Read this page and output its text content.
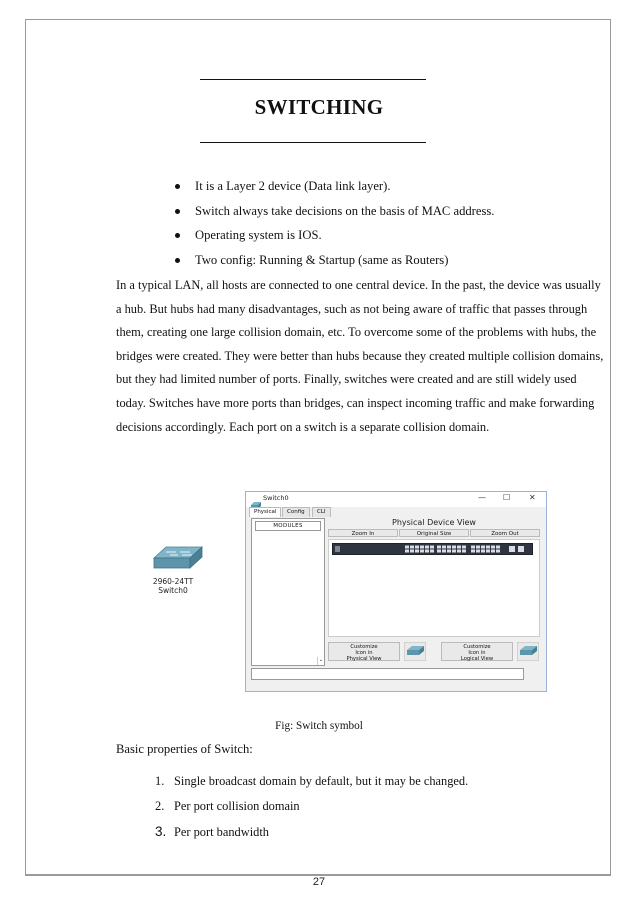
SWITCHING
It is a Layer 2 device (Data link layer).
Switch always take decisions on the basis of MAC address.
Operating system is IOS.
Two config: Running & Startup (same as Routers)

In a typical LAN, all hosts are connected to one central device. In the past, the device was usually a hub. But hubs had many disadvantages, such as not being aware of traffic that passes through them, creating one large collision domain, etc. To overcome some of the problems with hubs, the bridges were created. They were better than hubs because they created multiple collision domains, but they had limited number of ports. Finally, switches were created and are still widely used today. Switches have more ports than bridges, can inspect incoming traffic and make forwarding decisions accordingly. Each port on a switch is a separate collision domain.

2960-24TT
Switch0
Switch0	— ☐ ✕
Physical	Config	CLI
MODULES
⌄
Physical Device View
Zoom In	Original Size	Zoom Out
Customize
Icon in
Physical View
Customize
Icon in
Logical View
Fig: Switch symbol
Basic properties of Switch:
1. Single broadcast domain by default, but it may be changed.
2. Per port collision domain
3. Per port bandwidth
27
